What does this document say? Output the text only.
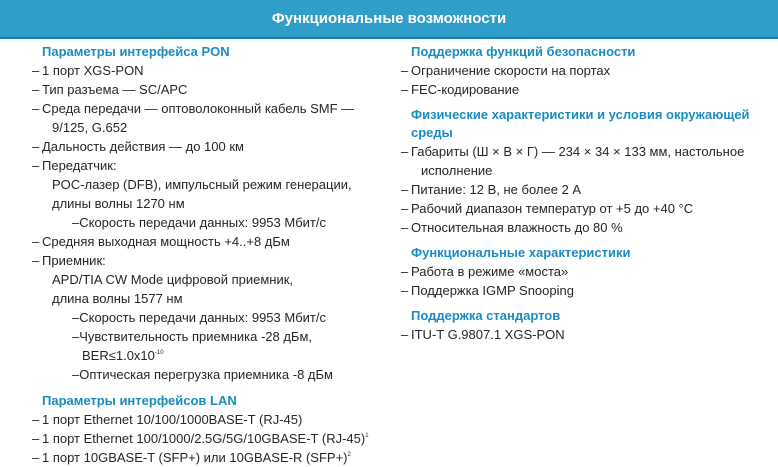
Функциональные возможности
Параметры интерфейса PON
– 1 порт XGS-PON
– Тип разъема — SC/APC
– Среда передачи — оптоволоконный кабель SMF —
9/125, G.652
– Дальность действия — до 100 км
– Передатчик:
POC-лазер (DFB), импульсный режим генерации,
длины волны 1270 нм
–Скорость передачи данных: 9953 Мбит/с
– Средняя выходная мощность +4..+8 дБм
– Приемник:
APD/TIA CW Mode цифровой приемник,
длина волны 1577 нм
–Скорость передачи данных: 9953 Мбит/с
–Чувствительность приемника -28 дБм,
$BER\le 1.0x10^{-10}$
–Оптическая перегрузка приемника -8 дБм
Параметры интерфейсов LAN
– 1 порт Ethernet 10/100/1000BASE-T (RJ-45)
– 1 порт Ethernet 100/1000/2.5G/5G/10GBASE-T $(RJ-45)^1$
– 1 порт 10GBASE-T (SFP+) или 10GBASE-R $(SFP+)^2$
Поддержка функций безопасности
– Ограничение скорости на портах
– FEC-кодирование
Физические характеристики и условия окружающей
среды
– Габариты (Ш × В × Г) — 234 × 34 × 133 мм, настольное
исполнение
– Питание: 12 В, не более 2 А
– Рабочий диапазон температур от +5 до +40 °С
– Относительная влажность до 80 %
Функциональные характеристики
– Работа в режиме «моста»
– Поддержка IGMP Snooping
Поддержка стандартов
– ITU-T G.9807.1 XGS-PON
